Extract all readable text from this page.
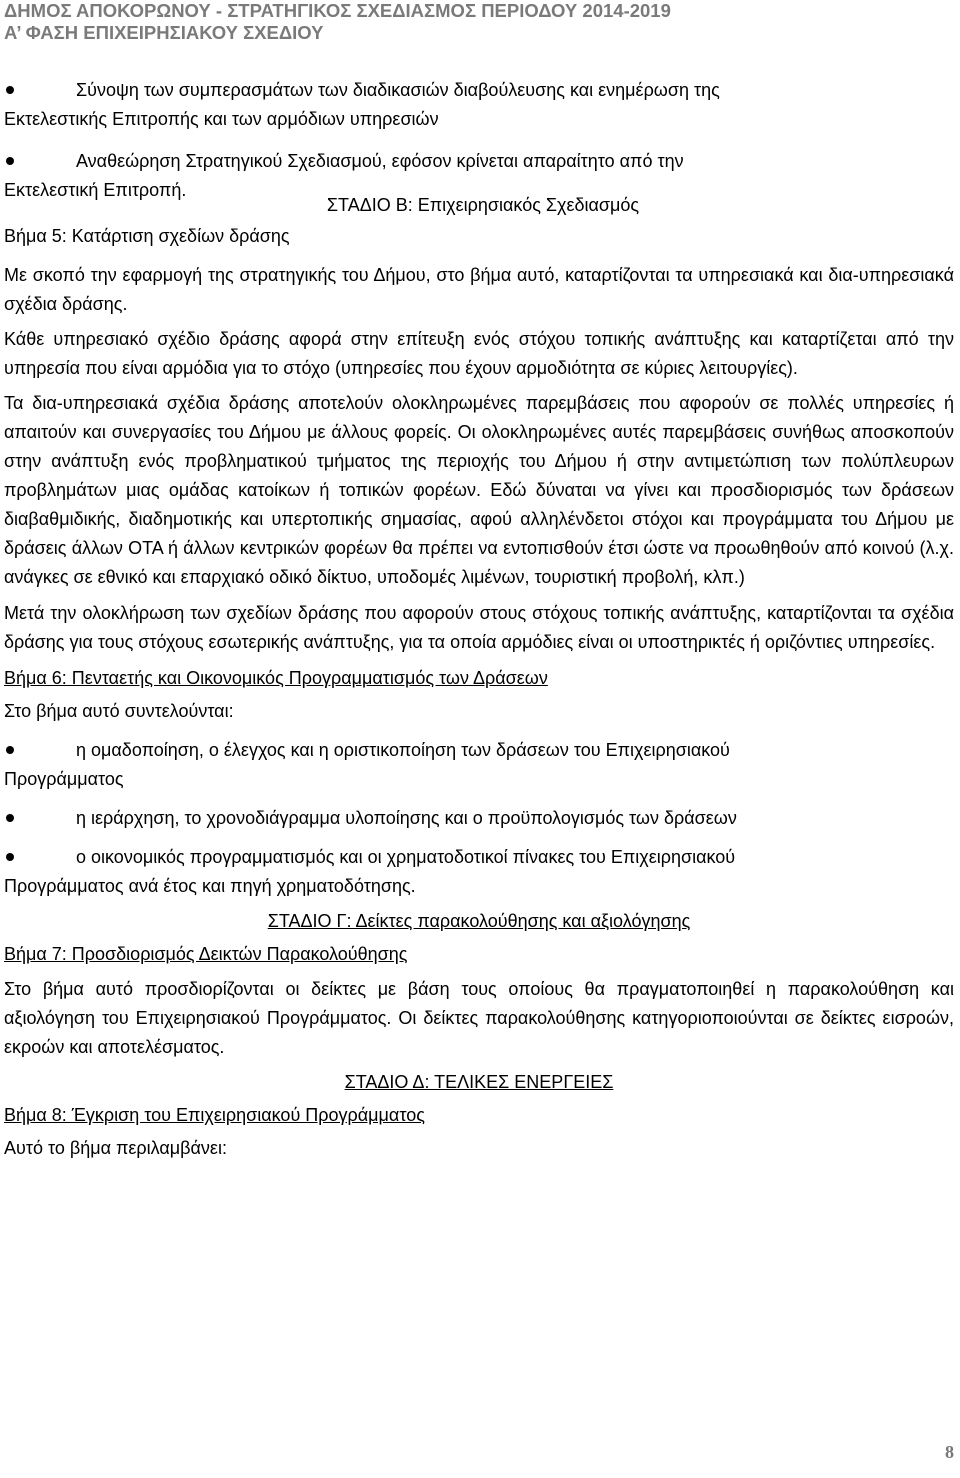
ΔΗΜΟΣ ΑΠΟΚΟΡΩΝΟΥ - ΣΤΡΑΤΗΓΙΚΟΣ ΣΧΕΔΙΑΣΜΟΣ ΠΕΡΙΟΔΟΥ 2014-2019
Α’ ΦΑΣΗ ΕΠΙΧΕΙΡΗΣΙΑΚΟΥ ΣΧΕΔΙΟΥ
Σύνοψη των συμπερασμάτων των διαδικασιών διαβούλευσης και ενημέρωση της
Εκτελεστικής Επιτροπής και των αρμόδιων υπηρεσιών
Αναθεώρηση Στρατηγικού Σχεδιασμού, εφόσον κρίνεται απαραίτητο από την
Εκτελεστική Επιτροπή.

ΣΤΑΔΙΟ Β: Επιχειρησιακός Σχεδιασμός

Βήμα 5: Κατάρτιση σχεδίων δράσης

Με σκοπό την εφαρμογή της στρατηγικής του Δήμου, στο βήμα αυτό, καταρτίζονται τα υπηρεσιακά και δια-υπηρεσιακά σχέδια δράσης.

Κάθε υπηρεσιακό σχέδιο δράσης αφορά στην επίτευξη ενός στόχου τοπικής ανάπτυξης και καταρτίζεται από την υπηρεσία που είναι αρμόδια για το στόχο (υπηρεσίες που έχουν αρμοδιότητα σε κύριες λειτουργίες).

Τα δια-υπηρεσιακά σχέδια δράσης αποτελούν ολοκληρωμένες παρεμβάσεις που αφορούν σε πολλές υπηρεσίες ή απαιτούν και συνεργασίες του Δήμου με άλλους φορείς. Οι ολοκληρωμένες αυτές παρεμβάσεις συνήθως αποσκοπούν στην ανάπτυξη ενός προβληματικού τμήματος της περιοχής του Δήμου ή στην αντιμετώπιση των πολύπλευρων προβλημάτων μιας ομάδας κατοίκων ή τοπικών φορέων. Εδώ δύναται να γίνει και προσδιορισμός των δράσεων διαβαθμιδικής, διαδημοτικής και υπερτοπικής σημασίας, αφού αλληλένδετοι στόχοι και προγράμματα του Δήμου με δράσεις άλλων ΟΤΑ ή άλλων κεντρικών φορέων θα πρέπει να εντοπισθούν έτσι ώστε να προωθηθούν από κοινού (λ.χ. ανάγκες σε εθνικό και επαρχιακό οδικό δίκτυο, υποδομές λιμένων, τουριστική προβολή, κλπ.)

Μετά την ολοκλήρωση των σχεδίων δράσης που αφορούν στους στόχους τοπικής ανάπτυξης, καταρτίζονται τα σχέδια δράσης για τους στόχους εσωτερικής ανάπτυξης, για τα οποία αρμόδιες είναι οι υποστηρικτές ή οριζόντιες υπηρεσίες.

Βήμα 6: Πενταετής και Οικονομικός Προγραμματισμός των Δράσεων

Στο βήμα αυτό συντελούνται:

η ομαδοποίηση, ο έλεγχος και η οριστικοποίηση των δράσεων του Επιχειρησιακού
Προγράμματος
η ιεράρχηση, το χρονοδιάγραμμα υλοποίησης και ο προϋπολογισμός των δράσεων
ο οικονομικός προγραμματισμός και οι χρηματοδοτικοί πίνακες του Επιχειρησιακού
Προγράμματος ανά έτος και πηγή χρηματοδότησης.

ΣΤΑΔΙΟ Γ: Δείκτες παρακολούθησης και αξιολόγησης

Βήμα 7: Προσδιορισμός Δεικτών Παρακολούθησης

Στο βήμα αυτό προσδιορίζονται οι δείκτες με βάση τους οποίους θα πραγματοποιηθεί η παρακολούθηση και αξιολόγηση του Επιχειρησιακού Προγράμματος. Οι δείκτες παρακολούθησης κατηγοριοποιούνται σε δείκτες εισροών, εκροών και αποτελέσματος.

ΣΤΑΔΙΟ Δ: ΤΕΛΙΚΕΣ ΕΝΕΡΓΕΙΕΣ

Βήμα 8: Έγκριση του Επιχειρησιακού Προγράμματος

Αυτό το βήμα περιλαμβάνει:

8
